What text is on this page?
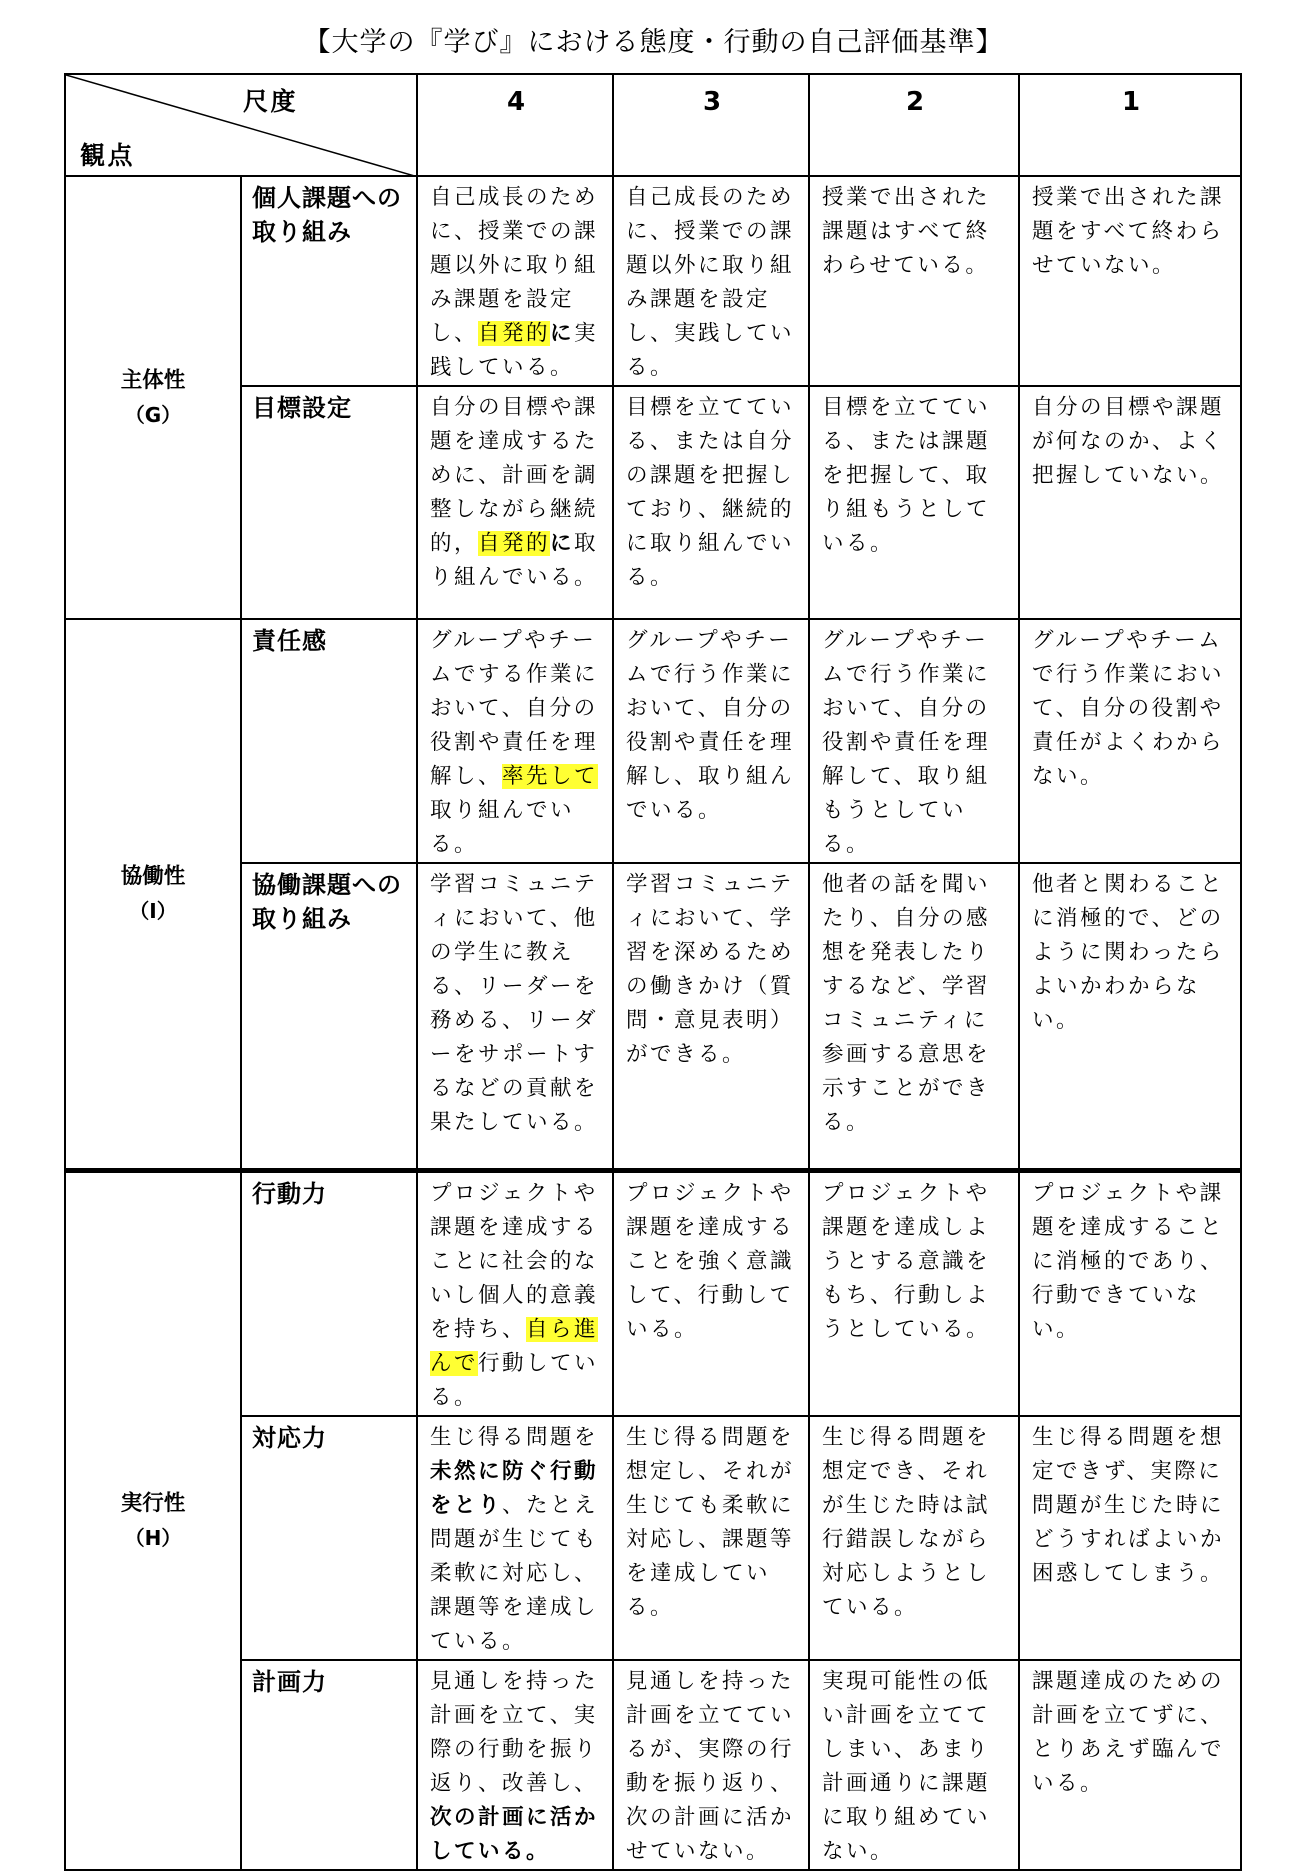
【大学の『学び』における態度・行動の自己評価基準】
尺度
観点		4	3	2	1
主体性

（G）	個人課題への取り組み	自己成長のために、授業での課題以外に取り組み課題を設定し、自発的に実践している。	自己成長のために、授業での課題以外に取り組み課題を設定し、実践している。	授業で出された課題はすべて終わらせている。	授業で出された課題をすべて終わらせていない。
	目標設定	自分の目標や課題を達成するために、計画を調整しながら継続的，自発的に取り組んでいる。	目標を立てている、または自分の課題を把握しており、継続的に取り組んでいる。	目標を立てている、または課題を把握して、取り組もうとしている。	自分の目標や課題が何なのか、よく把握していない。
協働性

（I）	責任感	グループやチームでする作業において、自分の役割や責任を理解し、率先して取り組んでいる。	グループやチームで行う作業において、自分の役割や責任を理解し、取り組んでいる。	グループやチームで行う作業において、自分の役割や責任を理解して、取り組もうとしている。	グループやチームで行う作業において、自分の役割や責任がよくわからない。
	協働課題への取り組み	学習コミュニティにおいて、他の学生に教える、リーダーを務める、リーダーをサポートするなどの貢献を果たしている。	学習コミュニティにおいて、学習を深めるための働きかけ（質問・意見表明）ができる。	他者の話を聞いたり、自分の感想を発表したりするなど、学習コミュニティに参画する意思を示すことができる。	他者と関わることに消極的で、どのように関わったらよいかわからない。
実行性

（H）	行動力	プロジェクトや課題を達成することに社会的ないし個人的意義を持ち、自ら進んで行動している。	プロジェクトや課題を達成することを強く意識して、行動している。	プロジェクトや課題を達成しようとする意識をもち、行動しようとしている。	プロジェクトや課題を達成することに消極的であり、行動できていない。
	対応力	生じ得る問題を未然に防ぐ行動をとり、たとえ問題が生じても柔軟に対応し、課題等を達成している。	生じ得る問題を想定し、それが生じても柔軟に対応し、課題等を達成している。	生じ得る問題を想定でき、それが生じた時は試行錯誤しながら対応しようとしている。	生じ得る問題を想定できず、実際に問題が生じた時にどうすればよいか困惑してしまう。
	計画力	見通しを持った計画を立て、実際の行動を振り返り、改善し、次の計画に活かしている。	見通しを持った計画を立てているが、実際の行動を振り返り、次の計画に活かせていない。	実現可能性の低い計画を立ててしまい、あまり計画通りに課題に取り組めていない。	課題達成のための計画を立てずに、とりあえず臨んでいる。
